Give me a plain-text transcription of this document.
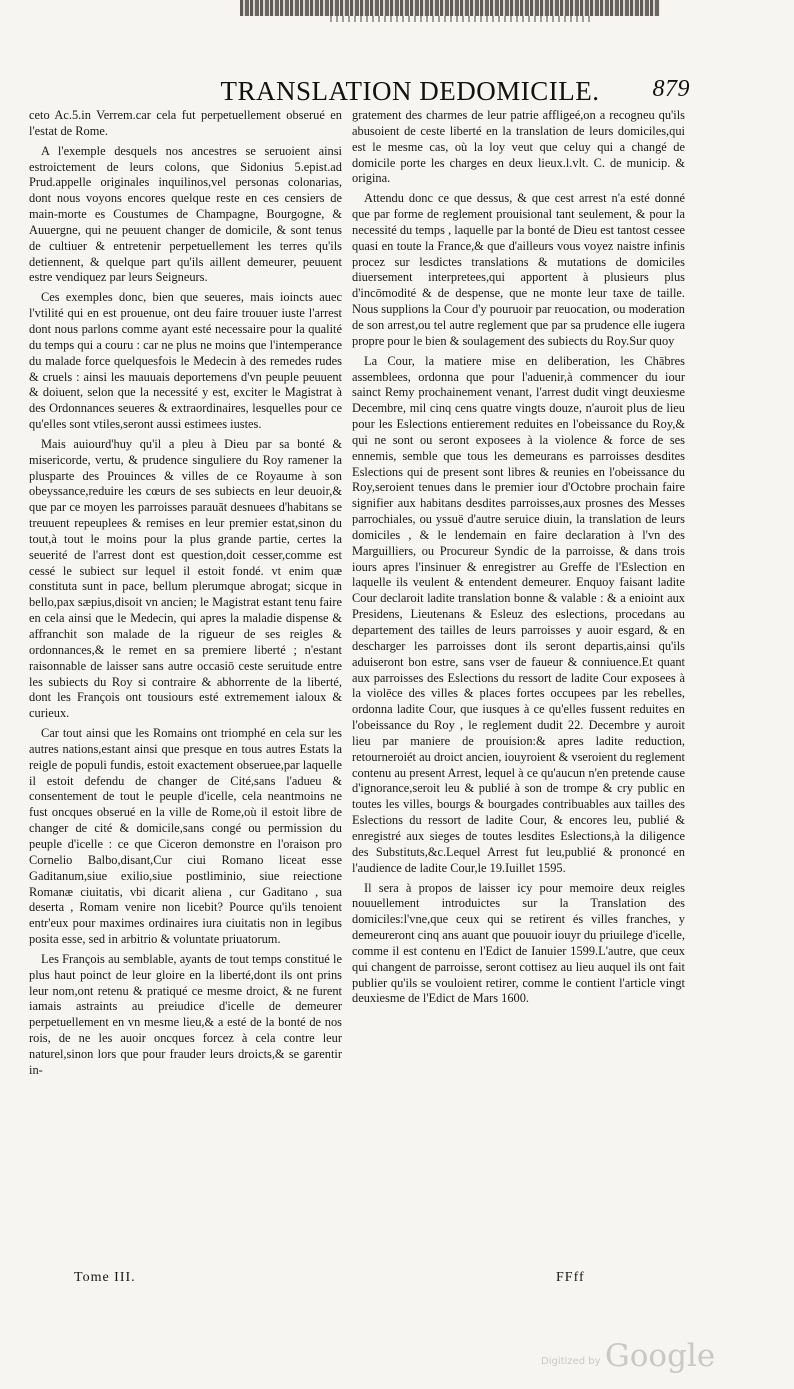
TRANSLATION DEDOMICILE.	879

ceto Ac.5.in Verrem.car cela fut perpetuellement obserué en l'estat de Rome.

A l'exemple desquels nos ancestres se seruoient ainsi estroictement de leurs colons, que Sidonius 5.epist.ad Prud.appelle originales inquilinos,vel personas colonarias, dont nous voyons encores quelque reste en ces censiers de main-morte es Coustumes de Champagne, Bourgogne, & Auuergne, qui ne peuuent changer de domicile, & sont tenus de cultiuer & entretenir perpetuellement les terres qu'ils detiennent, & quelque part qu'ils aillent demeurer, peuuent estre vendiquez par leurs Seigneurs.

Ces exemples donc, bien que seueres, mais ioincts auec l'vtilité qui en est prouenue, ont deu faire trouuer iuste l'arrest dont nous parlons comme ayant esté necessaire pour la qualité du temps qui a couru : car ne plus ne moins que l'intemperance du malade force quelquesfois le Medecin à des remedes rudes & cruels : ainsi les mauuais deportemens d'vn peuple peuuent & doiuent, selon que la necessité y est, exciter le Magistrat à des Ordonnances seueres & extraordinaires, lesquelles pour ce qu'elles sont vtiles,seront aussi estimees iustes.

Mais auiourd'huy qu'il a pleu à Dieu par sa bonté & misericorde, vertu, & prudence singuliere du Roy ramener la plusparte des Prouinces & villes de ce Royaume à son obeyssance,reduire les cœurs de ses subiects en leur deuoir,& que par ce moyen les parroisses parauāt desnuees d'habitans se treuuent repeuplees & remises en leur premier estat,sinon du tout,à tout le moins pour la plus grande partie, certes la seuerité de l'arrest dont est question,doit cesser,comme est cessé le subiect sur lequel il estoit fondé. vt enim quæ constituta sunt in pace, bellum plerumque abrogat; sicque in bello,pax sæpius,disoit vn ancien; le Magistrat estant tenu faire en cela ainsi que le Medecin, qui apres la maladie dispense & affranchit son malade de la rigueur de ses reigles & ordonnances,& le remet en sa premiere liberté ; n'estant raisonnable de laisser sans autre occasiō ceste seruitude entre les subiects du Roy si contraire & abhorrente de la liberté, dont les François ont tousiours esté extremement ialoux & curieux.

Car tout ainsi que les Romains ont triomphé en cela sur les autres nations,estant ainsi que presque en tous autres Estats la reigle de populi fundis, estoit exactement obseruee,par laquelle il estoit defendu de changer de Cité,sans l'adueu & consentement de tout le peuple d'icelle, cela neantmoins ne fust oncques obserué en la ville de Rome,où il estoit libre de changer de cité & domicile,sans congé ou permission du peuple d'icelle : ce que Ciceron demonstre en l'oraison pro Cornelio Balbo,disant,Cur ciui Romano liceat esse Gaditanum,siue exilio,siue postliminio, siue reiectione Romanæ ciuitatis, vbi dicarit aliena , cur Gaditano , sua deserta , Romam venire non licebit? Pource qu'ils tenoient entr'eux pour maximes ordinaires iura ciuitatis non in legibus posita esse, sed in arbitrio & voluntate priuatorum.

Les François au semblable, ayants de tout temps constitué le plus haut poinct de leur gloire en la liberté,dont ils ont prins leur nom,ont retenu & pratiqué ce mesme droict, & ne furent iamais astraints au preiudice d'icelle de demeurer perpetuellement en vn mesme lieu,& a esté de la bonté de nos rois, de ne les auoir oncques forcez à cela contre leur naturel,sinon lors que pour frauder leurs droicts,& se garentir in-

gratement des charmes de leur patrie affligeé,on a recogneu qu'ils abusoient de ceste liberté en la translation de leurs domiciles,qui est le mesme cas, où la loy veut que celuy qui a changé de domicile porte les charges en deux lieux.l.vlt. C. de municip. & origina.

Attendu donc ce que dessus, & que cest arrest n'a esté donné que par forme de reglement prouisional tant seulement, & pour la necessité du temps , laquelle par la bonté de Dieu est tantost cessee quasi en toute la France,& que d'ailleurs vous voyez naistre infinis procez sur lesdictes translations & mutations de domiciles diuersement interpretees,qui apportent à plusieurs plus d'incōmodité & de despense, que ne monte leur taxe de taille. Nous supplions la Cour d'y pouruoir par reuocation, ou moderation de son arrest,ou tel autre reglement que par sa prudence elle iugera propre pour le bien & soulagement des subiects du Roy.Sur quoy

La Cour, la matiere mise en deliberation, les Chābres assemblees, ordonna que pour l'aduenir,à commencer du iour sainct Remy prochainement venant, l'arrest dudit vingt deuxiesme Decembre, mil cinq cens quatre vingts douze, n'auroit plus de lieu pour les Eslections entierement reduites en l'obeissance du Roy,& qui ne sont ou seront exposees à la violence & force de ses ennemis, semble que tous les demeurans es parroisses desdites Eslections qui de present sont libres & reunies en l'obeissance du Roy,seroient tenues dans le premier iour d'Octobre prochain faire signifier aux habitans desdites parroisses,aux prosnes des Messes parrochiales, ou yssuë d'autre seruice diuin, la translation de leurs domiciles , & le lendemain en faire declaration à l'vn des Marguilliers, ou Procureur Syndic de la parroisse, & dans trois iours apres l'insinuer & enregistrer au Greffe de l'Eslection en laquelle ils veulent & entendent demeurer. Enquoy faisant ladite Cour declaroit ladite translation bonne & valable : & a enioint aux Presidens, Lieutenans & Esleuz des eslections, procedans au departement des tailles de leurs parroisses y auoir esgard, & en descharger les parroisses dont ils seront departis,ainsi qu'ils aduiseront bon estre, sans vser de faueur & conniuence.Et quant aux parroisses des Eslections du ressort de ladite Cour exposees à la violēce des villes & places fortes occupees par les rebelles, ordonna ladite Cour, que iusques à ce qu'elles fussent reduites en l'obeissance du Roy , le reglement dudit 22. Decembre y auroit lieu par maniere de prouision:& apres ladite reduction, retourneroiét au droict ancien, iouyroient & vseroient du reglement contenu au present Arrest, lequel à ce qu'aucun n'en pretende cause d'ignorance,seroit leu & publié à son de trompe & cry public en toutes les villes, bourgs & bourgades contribuables aux tailles des Eslections du ressort de ladite Cour, & encores leu, publié & enregistré aux sieges de toutes lesdites Eslections,à la diligence des Substituts,&c.Lequel Arrest fut leu,publié & prononcé en l'audience de ladite Cour,le 19.Iuillet 1595.

Il sera à propos de laisser icy pour memoire deux reigles nouuellement introduictes sur la Translation des domiciles:l'vne,que ceux qui se retirent és villes franches, y demeureront cinq ans auant que pouuoir iouyr du priuilege d'icelle, comme il est contenu en l'Edict de Ianuier 1599.L'autre, que ceux qui changent de parroisse, seront cottisez au lieu auquel ils ont fait publier qu'ils se vouloient retirer, comme le contient l'article vingt deuxiesme de l'Edict de Mars 1600.

Tome III.	FFff
Digitized by Google
